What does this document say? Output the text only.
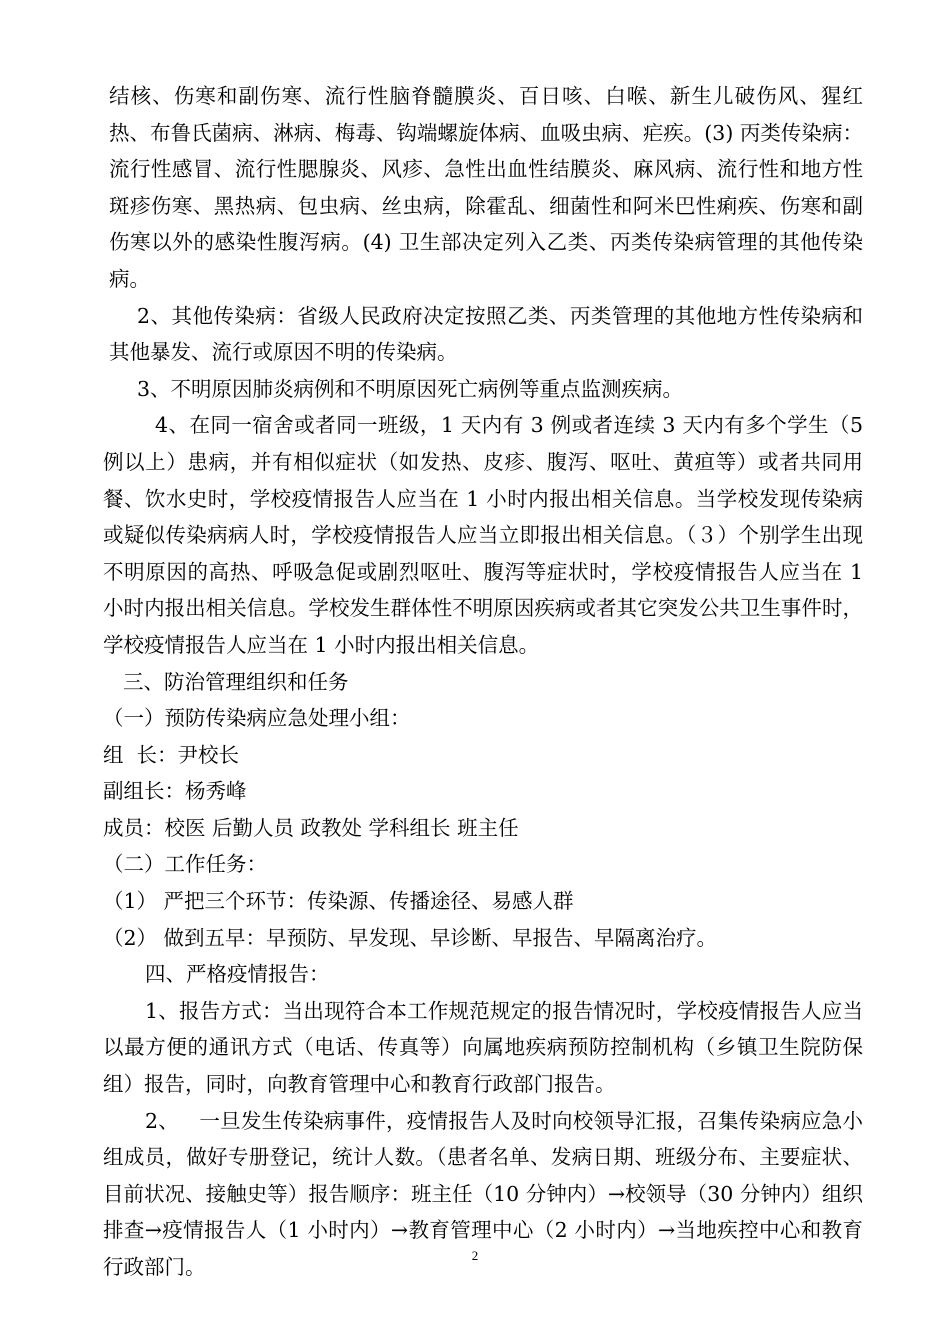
结核、伤寒和副伤寒、流行性脑脊髓膜炎、百日咳、白喉、新生儿破伤风、猩红热、布鲁氏菌病、淋病、梅毒、钩端螺旋体病、血吸虫病、疟疾。(3) 丙类传染病：流行性感冒、流行性腮腺炎、风疹、急性出血性结膜炎、麻风病、流行性和地方性斑疹伤寒、黑热病、包虫病、丝虫病，除霍乱、细菌性和阿米巴性痢疾、伤寒和副伤寒以外的感染性腹泻病。(4) 卫生部决定列入乙类、丙类传染病管理的其他传染病。

2、其他传染病：省级人民政府决定按照乙类、丙类管理的其他地方性传染病和其他暴发、流行或原因不明的传染病。

3、不明原因肺炎病例和不明原因死亡病例等重点监测疾病。

4、在同一宿舍或者同一班级，1 天内有 3 例或者连续 3 天内有多个学生（5 例以上）患病，并有相似症状（如发热、皮疹、腹泻、呕吐、黄疸等）或者共同用餐、饮水史时，学校疫情报告人应当在 1 小时内报出相关信息。当学校发现传染病或疑似传染病病人时，学校疫情报告人应当立即报出相关信息。（３）个别学生出现不明原因的高热、呼吸急促或剧烈呕吐、腹泻等症状时，学校疫情报告人应当在 1 小时内报出相关信息。学校发生群体性不明原因疾病或者其它突发公共卫生事件时，学校疫情报告人应当在 1 小时内报出相关信息。

三、防治管理组织和任务

（一）预防传染病应急处理小组：

组  长：尹校长

副组长：杨秀峰

成员：校医 后勤人员 政教处 学科组长 班主任

（二）工作任务：

（1） 严把三个环节：传染源、传播途径、易感人群

（2） 做到五早：早预防、早发现、早诊断、早报告、早隔离治疗。

四、严格疫情报告：

1、报告方式：当出现符合本工作规范规定的报告情况时，学校疫情报告人应当以最方便的通讯方式（电话、传真等）向属地疾病预防控制机构（乡镇卫生院防保组）报告，同时，向教育管理中心和教育行政部门报告。

2、   一旦发生传染病事件，疫情报告人及时向校领导汇报，召集传染病应急小组成员，做好专册登记，统计人数。（患者名单、发病日期、班级分布、主要症状、目前状况、接触史等）报告顺序：班主任（10 分钟内）→校领导（30 分钟内）组织排查→疫情报告人（1 小时内）→教育管理中心（2 小时内）→当地疾控中心和教育行政部门。	2
